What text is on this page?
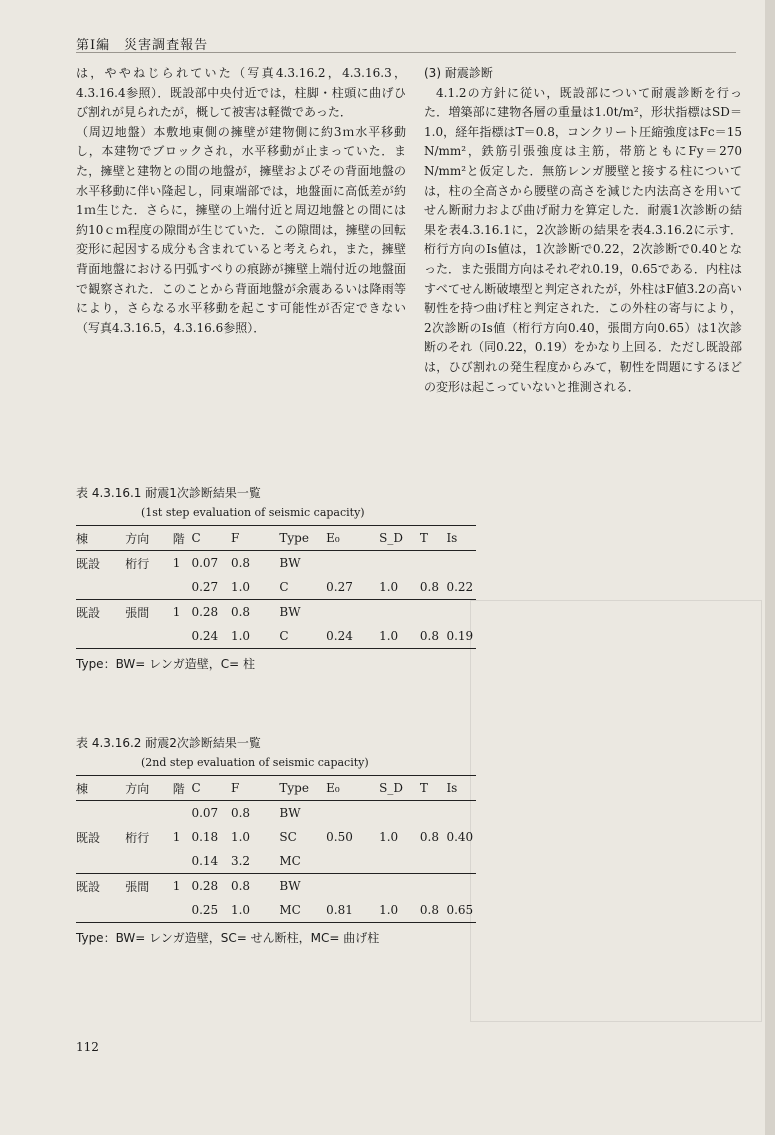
第Ⅰ編　災害調査報告

は，ややねじられていた（写真4.3.16.2，4.3.16.3，4.3.16.4参照）．既設部中央付近では，柱脚・柱頭に曲げひび割れが見られたが，概して被害は軽微であった．

（周辺地盤）本敷地東側の擁壁が建物側に約3ｍ水平移動し，本建物でブロックされ，水平移動が止まっていた．また，擁壁と建物との間の地盤が，擁壁およびその背面地盤の水平移動に伴い隆起し，同東端部では，地盤面に高低差が約1ｍ生じた．さらに，擁壁の上端付近と周辺地盤との間には約10ｃｍ程度の隙間が生じていた．この隙間は，擁壁の回転変形に起因する成分も含まれていると考えられ，また，擁壁背面地盤における円弧すべりの痕跡が擁壁上端付近の地盤面で観察された．このことから背面地盤が余震あるいは降雨等により，さらなる水平移動を起こす可能性が否定できない（写真4.3.16.5，4.3.16.6参照）．

(3) 耐震診断

4.1.2の方針に従い，既設部について耐震診断を行った．増築部に建物各層の重量は1.0t/m²，形状指標はSD＝1.0，経年指標はT＝0.8，コンクリート圧縮強度はFc＝15 N/mm²，鉄筋引張強度は主筋，帯筋ともにFy＝270 N/mm²と仮定した．無筋レンガ腰壁と接する柱については，柱の全高さから腰壁の高さを減じた内法高さを用いてせん断耐力および曲げ耐力を算定した．耐震1次診断の結果を表4.3.16.1に，2次診断の結果を表4.3.16.2に示す．桁行方向のIs値は，1次診断で0.22，2次診断で0.40となった．また張間方向はそれぞれ0.19，0.65である．内柱はすべてせん断破壊型と判定されたが，外柱はF値3.2の高い靭性を持つ曲げ柱と判定された．この外柱の寄与により，2次診断のIs値（桁行方向0.40，張間方向0.65）は1次診断のそれ（同0.22，0.19）をかなり上回る．ただし既設部は，ひび割れの発生程度からみて，靭性を問題にするほどの変形は起こっていないと推測される．

表 4.3.16.1 耐震1次診断結果一覧

(1st step evaluation of seismic capacity)

棟	方向	階	C	F	Type	E₀	S_D	T	Is
既設	桁行	1	0.07	0.8	BW				
			0.27	1.0	C	0.27	1.0	0.8	0.22
既設	張間	1	0.28	0.8	BW				
			0.24	1.0	C	0.24	1.0	0.8	0.19

Type：BW= レンガ造壁，C= 柱

表 4.3.16.2 耐震2次診断結果一覧

(2nd step evaluation of seismic capacity)

棟	方向	階	C	F	Type	E₀	S_D	T	Is
			0.07	0.8	BW				
既設	桁行	1	0.18	1.0	SC	0.50	1.0	0.8	0.40
			0.14	3.2	MC				
既設	張間	1	0.28	0.8	BW				
			0.25	1.0	MC	0.81	1.0	0.8	0.65

Type：BW= レンガ造壁，SC= せん断柱，MC= 曲げ柱

112
